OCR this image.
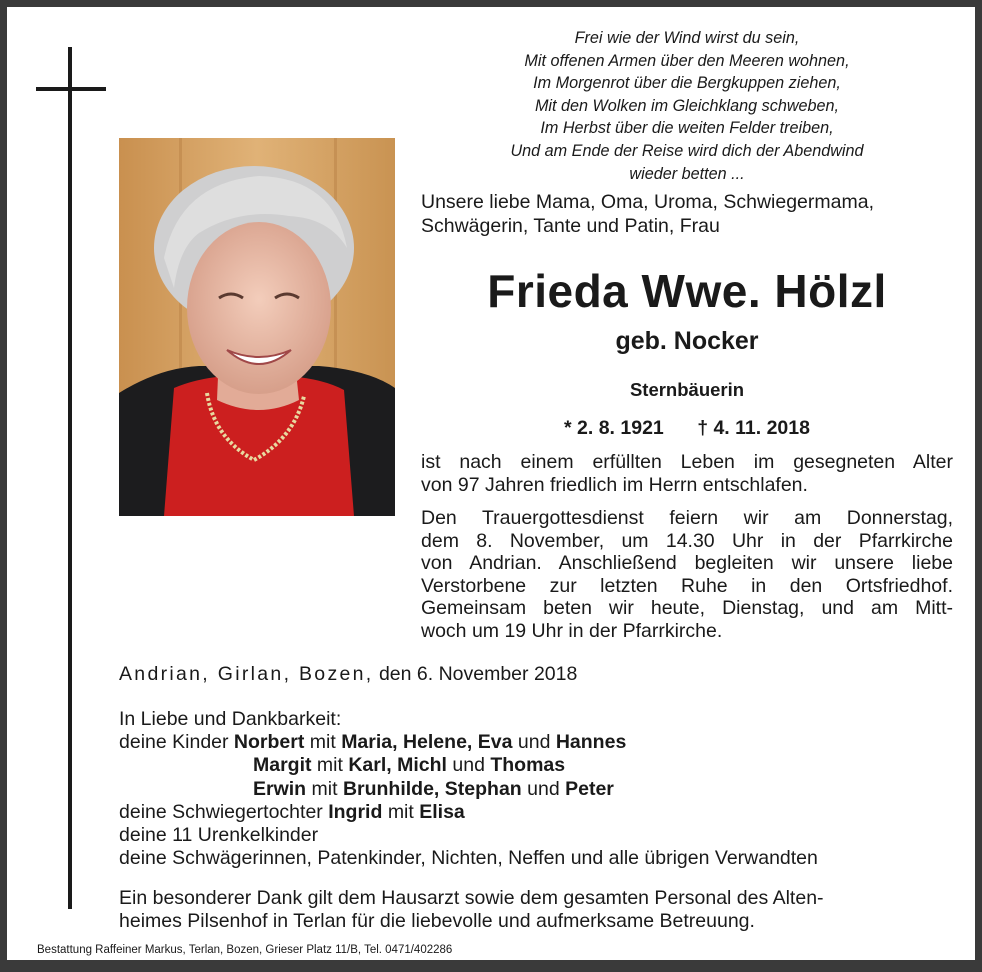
Frei wie der Wind wirst du sein,
Mit offenen Armen über den Meeren wohnen,
Im Morgenrot über die Bergkuppen ziehen,
Mit den Wolken im Gleichklang schweben,
Im Herbst über die weiten Felder treiben,
Und am Ende der Reise wird dich der Abendwind
wieder betten ...
Unsere liebe Mama, Oma, Uroma, Schwiegermama,
Schwägerin, Tante und Patin, Frau
Frieda Wwe. Hölzl
geb. Nocker
Sternbäuerin
* 2. 8. 1921 † 4. 11. 2018
ist nach einem erfüllten Leben im gesegneten Alter
von 97 Jahren friedlich im Herrn entschlafen.
Den Trauergottesdienst feiern wir am Donnerstag,
dem 8. November, um 14.30 Uhr in der Pfarrkirche
von Andrian. Anschließend begleiten wir unsere liebe
Verstorbene zur letzten Ruhe in den Ortsfriedhof.
Gemeinsam beten wir heute, Dienstag, und am Mitt-
woch um 19 Uhr in der Pfarrkirche.
Andrian, Girlan, Bozen, den 6. November 2018
In Liebe und Dankbarkeit:
deine Kinder Norbert mit Maria, Helene, Eva und Hannes
Margit mit Karl, Michl und Thomas
Erwin mit Brunhilde, Stephan und Peter
deine Schwiegertochter Ingrid mit Elisa
deine 11 Urenkelkinder
deine Schwägerinnen, Patenkinder, Nichten, Neffen und alle übrigen Verwandten
Ein besonderer Dank gilt dem Hausarzt sowie dem gesamten Personal des Alten-
heimes Pilsenhof in Terlan für die liebevolle und aufmerksame Betreuung.
Bestattung Raffeiner Markus, Terlan, Bozen, Grieser Platz 11/B, Tel. 0471/402286
